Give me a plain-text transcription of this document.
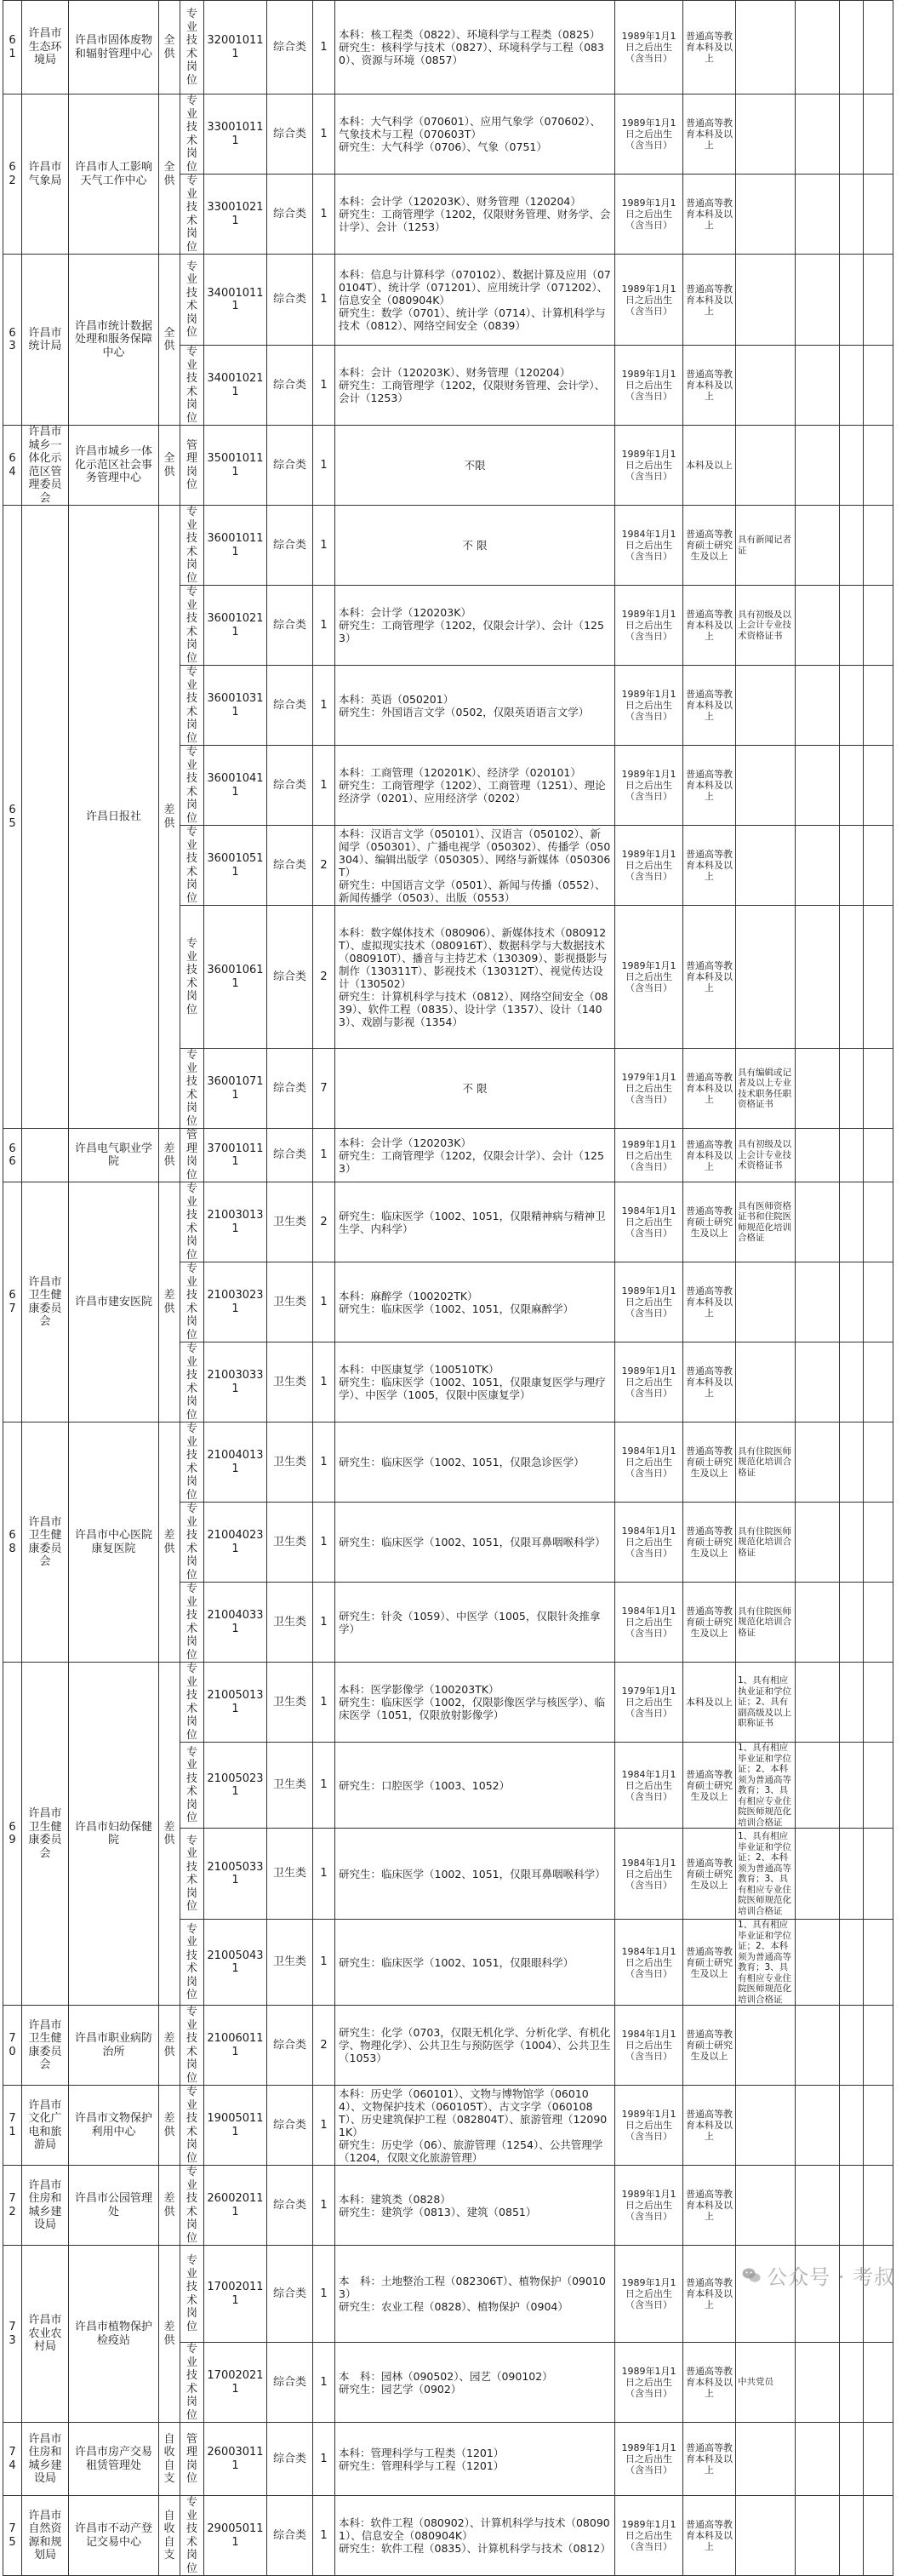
61	许昌市生态环境局	许昌市固体废物和辐射管理中心	全供	专业技术岗位	320010111	综合类	1	本科：核工程类（0822）、环境科学与工程类（0825）
研究生：核科学与技术（0827）、环境科学与工程（0830）、资源与环境（0857）	1989年1月1日之后出生（含当日）	普通高等教育本科及以上				
62	许昌市气象局	许昌市人工影响天气工作中心	全供	专业技术岗位	330010111	综合类	1	本科：大气科学（070601）、应用气象学（070602）、气象技术与工程（070603T）
研究生：大气科学（0706）、气象（0751）	1989年1月1日之后出生（含当日）	普通高等教育本科及以上				
				专业技术岗位	330010211	综合类	1	本科：会计学（120203K）、财务管理（120204）
研究生：工商管理学（1202，仅限财务管理、财务学、会计学）、会计（1253）	1989年1月1日之后出生（含当日）	普通高等教育本科及以上				
63	许昌市统计局	许昌市统计数据处理和服务保障中心	全供	专业技术岗位	340010111	综合类	1	本科：信息与计算科学（070102）、数据计算及应用（070104T）、统计学（071201）、应用统计学（071202）、信息安全（080904K）
研究生：数学（0701）、统计学（0714）、计算机科学与技术（0812）、网络空间安全（0839）	1989年1月1日之后出生（含当日）	普通高等教育本科及以上				
				专业技术岗位	340010211	综合类	1	本科：会计（120203K）、财务管理（120204）
研究生：工商管理学（1202，仅限财务管理、会计学）、会计（1253）	1989年1月1日之后出生（含当日）	普通高等教育本科及以上				
64	许昌市城乡一体化示范区管理委员会	许昌市城乡一体化示范区社会事务管理中心	全供	管理岗位	350010111	综合类	1	不限	1989年1月1日之后出生（含当日）	本科及以上				
65		许昌日报社	差供	专业技术岗位	360010111	综合类	1	不 限	1984年1月1日之后出生（含当日）	普通高等教育硕士研究生及以上	具有新闻记者证			
				专业技术岗位	360010211	综合类	1	本科：会计学（120203K）
研究生：工商管理学（1202，仅限会计学）、会计（1253）	1989年1月1日之后出生（含当日）	普通高等教育本科及以上	具有初级及以上会计专业技术资格证书			
				专业技术岗位	360010311	综合类	1	本科：英语（050201）
研究生：外国语言文学（0502，仅限英语语言文学）	1989年1月1日之后出生（含当日）	普通高等教育本科及以上				
				专业技术岗位	360010411	综合类	1	本科：工商管理（120201K）、经济学（020101）
研究生：工商管理学（1202）、工商管理（1251）、理论经济学（0201）、应用经济学（0202）	1989年1月1日之后出生（含当日）	普通高等教育本科及以上				
				专业技术岗位	360010511	综合类	2	本科：汉语言文学（050101）、汉语言（050102）、新闻学（050301）、广播电视学（050302）、传播学（050304）、编辑出版学（050305）、网络与新媒体（050306T）
研究生：中国语言文学（0501）、新闻与传播（0552）、新闻传播学（0503）、出版（0553）	1989年1月1日之后出生（含当日）	普通高等教育本科及以上				
				专业技术岗位	360010611	综合类	2	本科：数字媒体技术（080906）、新媒体技术（080912T）、虚拟现实技术（080916T）、数据科学与大数据技术（080910T）、播音与主持艺术（130309）、影视摄影与制作（130311T）、影视技术（130312T）、视觉传达设计（130502）
研究生：计算机科学与技术（0812）、网络空间安全（0839）、软件工程（0835）、设计学（1357）、设计（1403）、戏剧与影视（1354）	1989年1月1日之后出生（含当日）	普通高等教育本科及以上				
				专业技术岗位	360010711	综合类	7	不 限	1979年1月1日之后出生（含当日）	普通高等教育本科及以上	具有编辑或记者及以上专业技术职务任职资格证书			
66		许昌电气职业学院	差供	管理岗位	370010111	综合类	1	本科：会计学（120203K）
研究生：工商管理学（1202，仅限会计学）、会计（1253）	1989年1月1日之后出生（含当日）	普通高等教育本科及以上	具有初级及以上会计专业技术资格证书			
67	许昌市卫生健康委员会	许昌市建安医院	差供	专业技术岗位	210030131	卫生类	2	研究生：临床医学（1002、1051，仅限精神病与精神卫生学、内科学）	1984年1月1日之后出生（含当日）	普通高等教育硕士研究生及以上	具有医师资格证书和住院医师规范化培训合格证			
				专业技术岗位	210030231	卫生类	1	本科：麻醉学（100202TK）
研究生：临床医学（1002、1051，仅限麻醉学）	1989年1月1日之后出生（含当日）	普通高等教育本科及以上				
				专业技术岗位	210030331	卫生类	1	本科：中医康复学（100510TK）
研究生：临床医学（1002、1051，仅限康复医学与理疗学）、中医学（1005，仅限中医康复学）	1989年1月1日之后出生（含当日）	普通高等教育本科及以上				
68	许昌市卫生健康委员会	许昌市中心医院康复医院	差供	专业技术岗位	210040131	卫生类	1	研究生：临床医学（1002、1051，仅限急诊医学）	1984年1月1日之后出生（含当日）	普通高等教育硕士研究生及以上	具有住院医师规范化培训合格证			
				专业技术岗位	210040231	卫生类	1	研究生：临床医学（1002、1051，仅限耳鼻咽喉科学）	1984年1月1日之后出生（含当日）	普通高等教育硕士研究生及以上	具有住院医师规范化培训合格证			
				专业技术岗位	210040331	卫生类	1	研究生：针灸（1059）、中医学（1005，仅限针灸推拿学）	1984年1月1日之后出生（含当日）	普通高等教育硕士研究生及以上	具有住院医师规范化培训合格证			
69	许昌市卫生健康委员会	许昌市妇幼保健院	差供	专业技术岗位	210050131	卫生类	1	本科：医学影像学（100203TK）
研究生：临床医学（1002，仅限影像医学与核医学）、临床医学（1051，仅限放射影像学）	1979年1月1日之后出生（含当日）	本科及以上	1、具有相应执业证和学位证；2、具有副高级及以上职称证书			
				专业技术岗位	210050231	卫生类	1	研究生：口腔医学（1003、1052）	1984年1月1日之后出生（含当日）	普通高等教育硕士研究生及以上	1、具有相应毕业证和学位证；2、本科须为普通高等教育；3、具有相应专业住院医师规范化培训合格证			
				专业技术岗位	210050331	卫生类	1	研究生：临床医学（1002、1051，仅限耳鼻咽喉科学）	1984年1月1日之后出生（含当日）	普通高等教育硕士研究生及以上	1、具有相应毕业证和学位证；2、本科须为普通高等教育；3、具有相应专业住院医师规范化培训合格证			
				专业技术岗位	210050431	卫生类	1	研究生：临床医学（1002、1051，仅限眼科学）	1984年1月1日之后出生（含当日）	普通高等教育硕士研究生及以上	1、具有相应毕业证和学位证；2、本科须为普通高等教育；3、具有相应专业住院医师规范化培训合格证			
70	许昌市卫生健康委员会	许昌市职业病防治所	差供	专业技术岗位	210060111	综合类	2	研究生：化学（0703，仅限无机化学、分析化学、有机化学、物理化学）、公共卫生与预防医学（1004）、公共卫生（1053）	1984年1月1日之后出生（含当日）	普通高等教育硕士研究生及以上				
71	许昌市文化广电和旅游局	许昌市文物保护利用中心	差供	专业技术岗位	190050111	综合类	1	本科：历史学（060101）、文物与博物馆学（060104）、文物保护技术（060105T）、古文字学（060108T）、历史建筑保护工程（082804T）、旅游管理（120901K）
研究生：历史学（06）、旅游管理（1254）、公共管理学（1204，仅限文化旅游管理）	1989年1月1日之后出生（含当日）	普通高等教育本科及以上				
72	许昌市住房和城乡建设局	许昌市公园管理处	差供	专业技术岗位	260020111	综合类	1	本科：建筑类（0828）
研究生：建筑学（0813）、建筑（0851）	1989年1月1日之后出生（含当日）	普通高等教育本科及以上				
73	许昌市农业农村局	许昌市植物保护检疫站	差供	专业技术岗位	170020111	综合类	1	本　科：土地整治工程（082306T）、植物保护（090103）
研究生：农业工程（0828）、植物保护（0904）	1989年1月1日之后出生（含当日）	普通高等教育本科及以上				
				专业技术岗位	170020211	综合类	1	本　科：园林（090502）、园艺（090102）
研究生：园艺学（0902）	1989年1月1日之后出生（含当日）	普通高等教育本科及以上	中共党员			
74	许昌市住房和城乡建设局	许昌市房产交易租赁管理处	自收自支	管理岗位	260030111	综合类	1	本科：管理科学与工程类（1201）
研究生：管理科学与工程（1201）	1989年1月1日之后出生（含当日）	普通高等教育本科及以上				
75	许昌市自然资源和规划局	许昌市不动产登记交易中心	自收自支	专业技术岗位	290050111	综合类	1	本科：软件工程（080902）、计算机科学与技术（080901）、信息安全（080904K）
研究生：软件工程（0835）、计算机科学与技术（0812）	1989年1月1日之后出生（含当日）	普通高等教育本科及以上				
公众号 · 考叔
